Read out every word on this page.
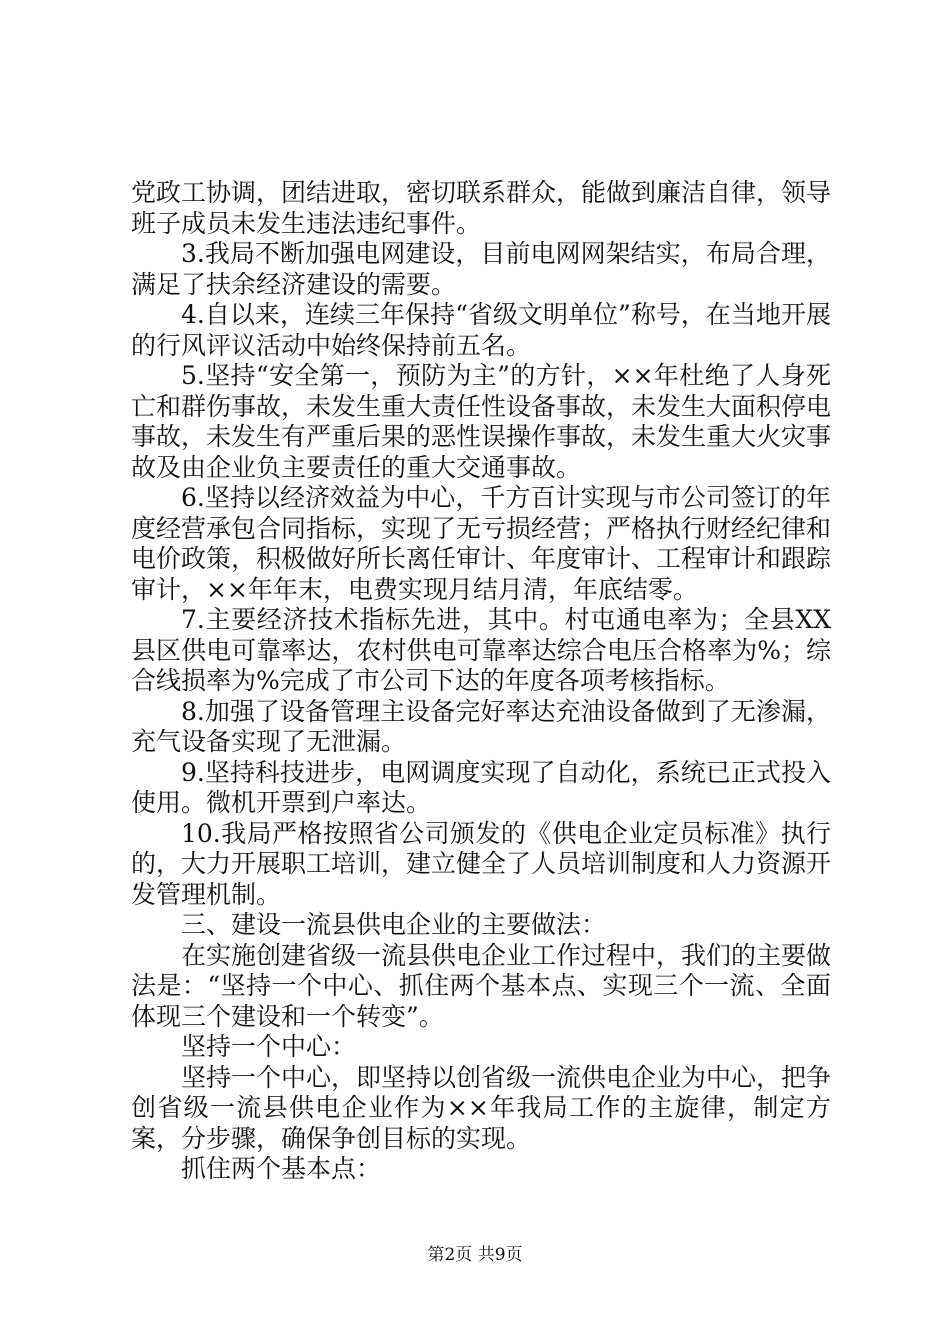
党政工协调，团结进取，密切联系群众，能做到廉洁自律，领导班子成员未发生违法违纪事件。

3.我局不断加强电网建设，目前电网网架结实，布局合理，满足了扶余经济建设的需要。

4.自以来，连续三年保持“省级文明单位”称号，在当地开展的行风评议活动中始终保持前五名。

5.坚持“安全第一，预防为主”的方针，××年杜绝了人身死亡和群伤事故，未发生重大责任性设备事故，未发生大面积停电事故，未发生有严重后果的恶性误操作事故，未发生重大火灾事故及由企业负主要责任的重大交通事故。

6.坚持以经济效益为中心，千方百计实现与市公司签订的年度经营承包合同指标，实现了无亏损经营；严格执行财经纪律和电价政策，积极做好所长离任审计、年度审计、工程审计和跟踪审计，××年年末，电费实现月结月清，年底结零。

7.主要经济技术指标先进，其中。村屯通电率为；全县XX县区供电可靠率达，农村供电可靠率达综合电压合格率为%；综合线损率为%完成了市公司下达的年度各项考核指标。

8.加强了设备管理主设备完好率达充油设备做到了无渗漏，充气设备实现了无泄漏。

9.坚持科技进步，电网调度实现了自动化，系统已正式投入使用。微机开票到户率达。

10.我局严格按照省公司颁发的《供电企业定员标准》执行的，大力开展职工培训，建立健全了人员培训制度和人力资源开发管理机制。

三、建设一流县供电企业的主要做法：

在实施创建省级一流县供电企业工作过程中，我们的主要做法是：“坚持一个中心、抓住两个基本点、实现三个一流、全面体现三个建设和一个转变”。

坚持一个中心：

坚持一个中心，即坚持以创省级一流供电企业为中心，把争创省级一流县供电企业作为××年我局工作的主旋律，制定方案，分步骤，确保争创目标的实现。

抓住两个基本点：

第2页 共9页
